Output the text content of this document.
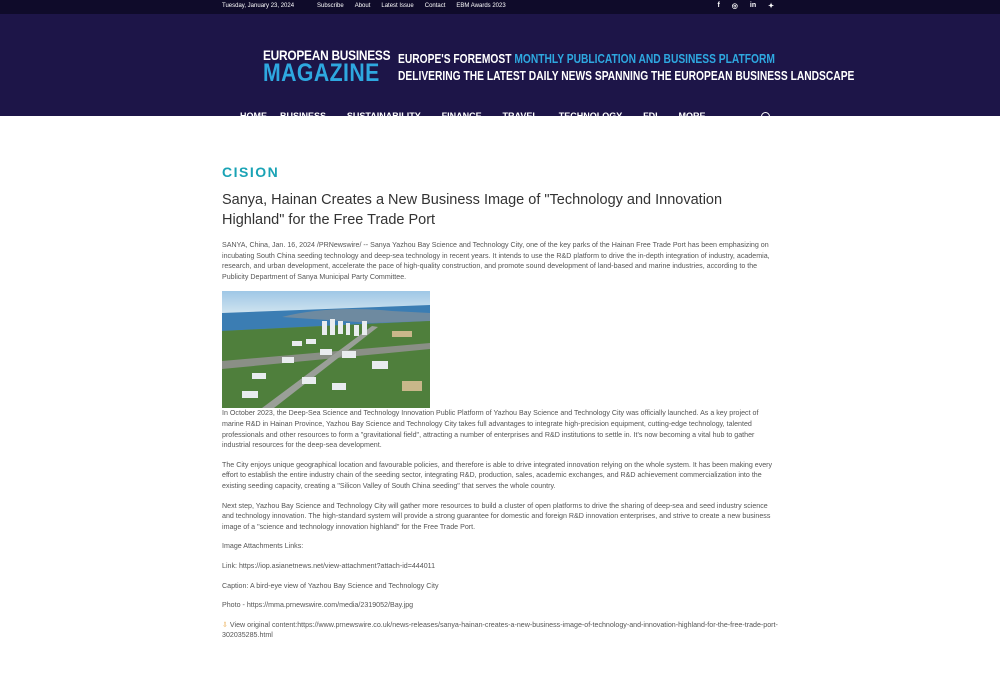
Tuesday, January 23, 2024	Subscribe About Latest Issue Contact EBM Awards 2023	f ◎ in ✦
EUROPEAN BUSINESS
MAGAZINE	EUROPE'S FOREMOST MONTHLY PUBLICATION AND BUSINESS PLATFORM
DELIVERING THE LATEST DAILY NEWS SPANNING THE EUROPEAN BUSINESS LANDSCAPE
HOME BUSINESS ⌄ SUSTAINABILITY ⌄ FINANCE ⌄ TRAVEL ⌄ TECHNOLOGY ⌄ FDI ⌄ MORE ⌄
CISION
Sanya, Hainan Creates a New Business Image of "Technology and Innovation Highland" for the Free Trade Port

SANYA, China, Jan. 16, 2024 /PRNewswire/ -- Sanya Yazhou Bay Science and Technology City, one of the key parks of the Hainan Free Trade Port has been emphasizing on incubating South China seeding technology and deep-sea technology in recent years. It intends to use the R&D platform to drive the in-depth integration of industry, academia, research, and urban development, accelerate the pace of high-quality construction, and promote sound development of land-based and marine industries, according to the Publicity Department of Sanya Municipal Party Committee.

In October 2023, the Deep-Sea Science and Technology Innovation Public Platform of Yazhou Bay Science and Technology City was officially launched. As a key project of marine R&D in Hainan Province, Yazhou Bay Science and Technology City takes full advantages to integrate high-precision equipment, cutting-edge technology, talented professionals and other resources to form a "gravitational field", attracting a number of enterprises and R&D institutions to settle in. It's now becoming a vital hub to gather industrial resources for the deep-sea development.

The City enjoys unique geographical location and favourable policies, and therefore is able to drive integrated innovation relying on the whole system. It has been making every effort to establish the entire industry chain of the seeding sector, integrating R&D, production, sales, academic exchanges, and R&D achievement commercialization into the existing seeding capacity, creating a "Silicon Valley of South China seeding" that serves the whole country.

Next step, Yazhou Bay Science and Technology City will gather more resources to build a cluster of open platforms to drive the sharing of deep-sea and seed industry science and technology innovation. The high-standard system will provide a strong guarantee for domestic and foreign R&D innovation enterprises, and strive to create a new business image of a "science and technology innovation highland" for the Free Trade Port.

Image Attachments Links:

Link: https://iop.asianetnews.net/view-attachment?attach-id=444011

Caption: A bird-eye view of Yazhou Bay Science and Technology City

Photo - https://mma.prnewswire.com/media/2319052/Bay.jpg

⇩ View original content:https://www.prnewswire.co.uk/news-releases/sanya-hainan-creates-a-new-business-image-of-technology-and-innovation-highland-for-the-free-trade-port-302035285.html
